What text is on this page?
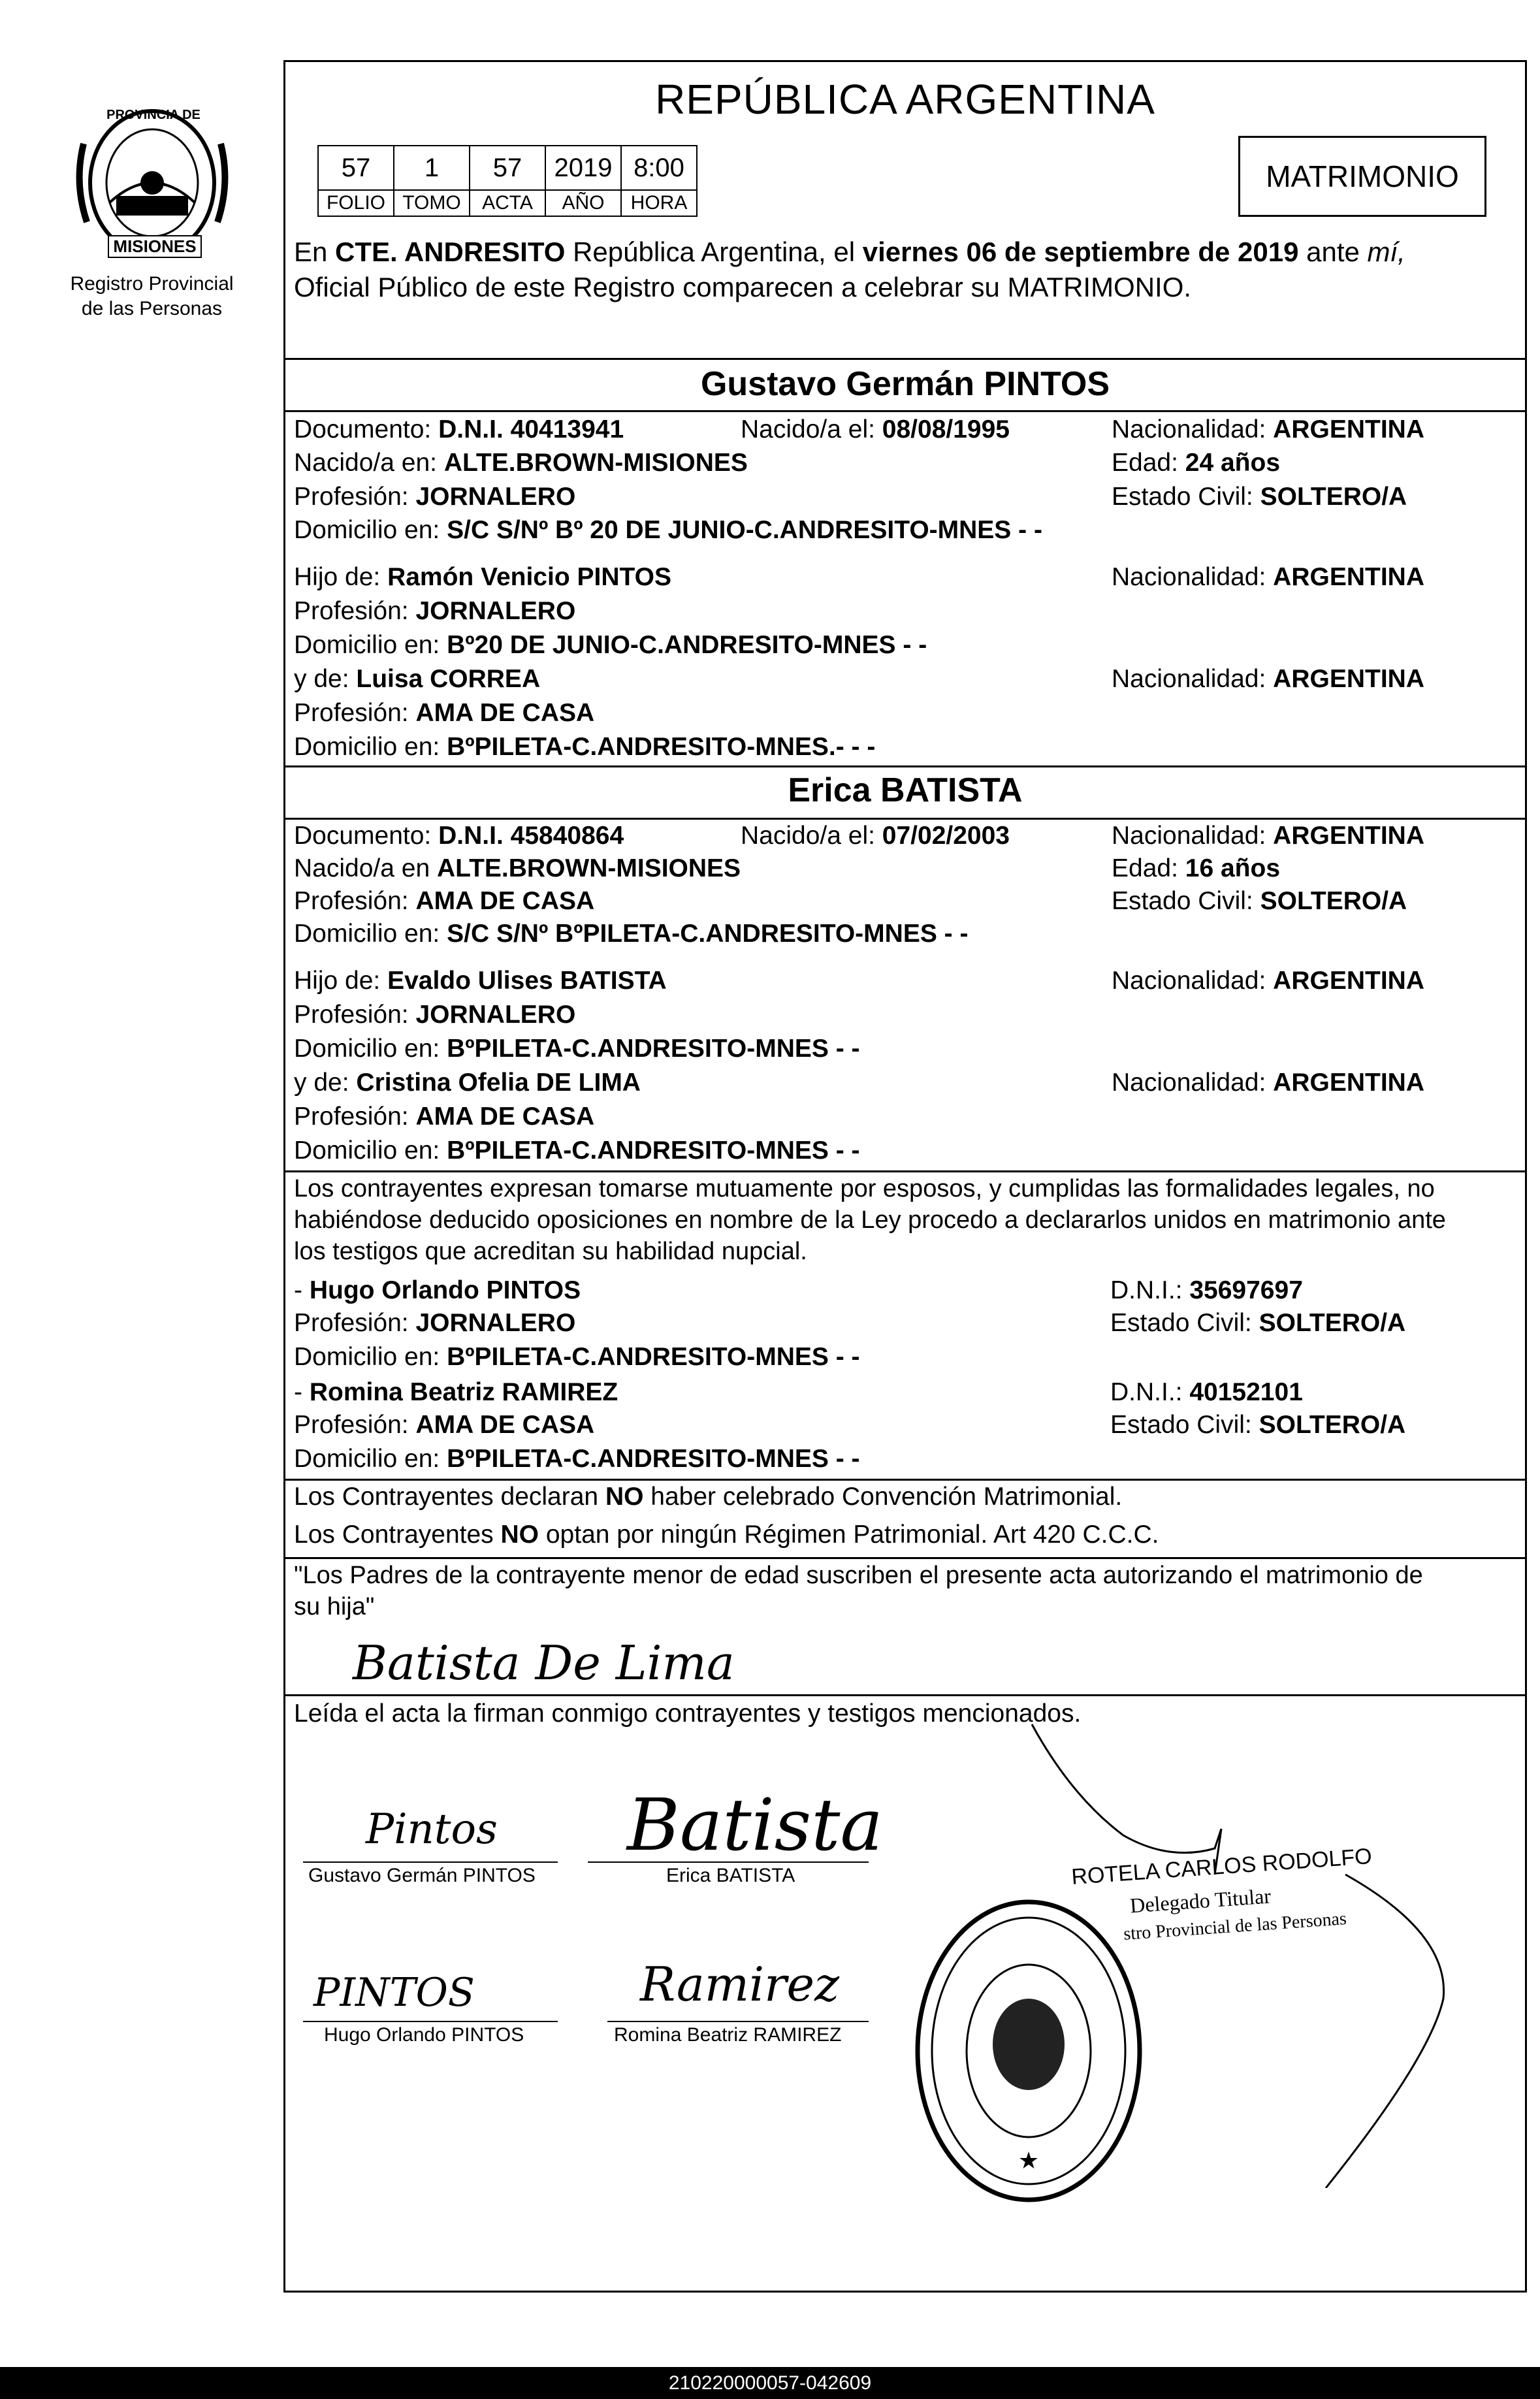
PROVINCIA DE
MISIONES
Registro Provincial
de las Personas
REPÚBLICA ARGENTINA
MATRIMONIO
57	1	57	2019	8:00
FOLIO	TOMO	ACTA	AÑO	HORA
En CTE. ANDRESITO República Argentina, el viernes 06 de septiembre de 2019 ante mí,
Oficial Público de este Registro comparecen a celebrar su MATRIMONIO.
Gustavo Germán PINTOS
Documento: D.N.I. 40413941	Nacido/a el: 08/08/1995	Nacionalidad: ARGENTINA
Nacido/a en: ALTE.BROWN-MISIONES	Edad: 24 años
Profesión: JORNALERO	Estado Civil: SOLTERO/A
Domicilio en: S/C S/Nº Bº 20 DE JUNIO-C.ANDRESITO-MNES - -
Hijo de: Ramón Venicio PINTOS	Nacionalidad: ARGENTINA
Profesión: JORNALERO
Domicilio en: Bº20 DE JUNIO-C.ANDRESITO-MNES - -
y de: Luisa CORREA	Nacionalidad: ARGENTINA
Profesión: AMA DE CASA
Domicilio en: BºPILETA-C.ANDRESITO-MNES.- - -
Erica BATISTA
Documento: D.N.I. 45840864	Nacido/a el: 07/02/2003	Nacionalidad: ARGENTINA
Nacido/a en ALTE.BROWN-MISIONES	Edad: 16 años
Profesión: AMA DE CASA	Estado Civil: SOLTERO/A
Domicilio en: S/C S/Nº BºPILETA-C.ANDRESITO-MNES - -
Hijo de: Evaldo Ulises BATISTA	Nacionalidad: ARGENTINA
Profesión: JORNALERO
Domicilio en: BºPILETA-C.ANDRESITO-MNES - -
y de: Cristina Ofelia DE LIMA	Nacionalidad: ARGENTINA
Profesión: AMA DE CASA
Domicilio en: BºPILETA-C.ANDRESITO-MNES - -
Los contrayentes expresan tomarse mutuamente por esposos, y cumplidas las formalidades legales, no
habiéndose deducido oposiciones en nombre de la Ley procedo a declararlos unidos en matrimonio ante
los testigos que acreditan su habilidad nupcial.
- Hugo Orlando PINTOS	D.N.I.: 35697697
Profesión: JORNALERO	Estado Civil: SOLTERO/A
Domicilio en: BºPILETA-C.ANDRESITO-MNES - -
- Romina Beatriz RAMIREZ	D.N.I.: 40152101
Profesión: AMA DE CASA	Estado Civil: SOLTERO/A
Domicilio en: BºPILETA-C.ANDRESITO-MNES - -
Los Contrayentes declaran NO haber celebrado Convención Matrimonial.
Los Contrayentes NO optan por ningún Régimen Patrimonial. Art 420 C.C.C.
"Los Padres de la contrayente menor de edad suscriben el presente acta autorizando el matrimonio de
su hija"
Batista De Lima
Leída el acta la firman conmigo contrayentes y testigos mencionados.
Pintos
Gustavo Germán PINTOS
Batista
Erica BATISTA
PINTOS
Hugo Orlando PINTOS
Ramirez
Romina Beatriz RAMIREZ
ROTELA CARLOS RODOLFO
Delegado Titular
stro Provincial de las Personas
★
210220000057-042609
